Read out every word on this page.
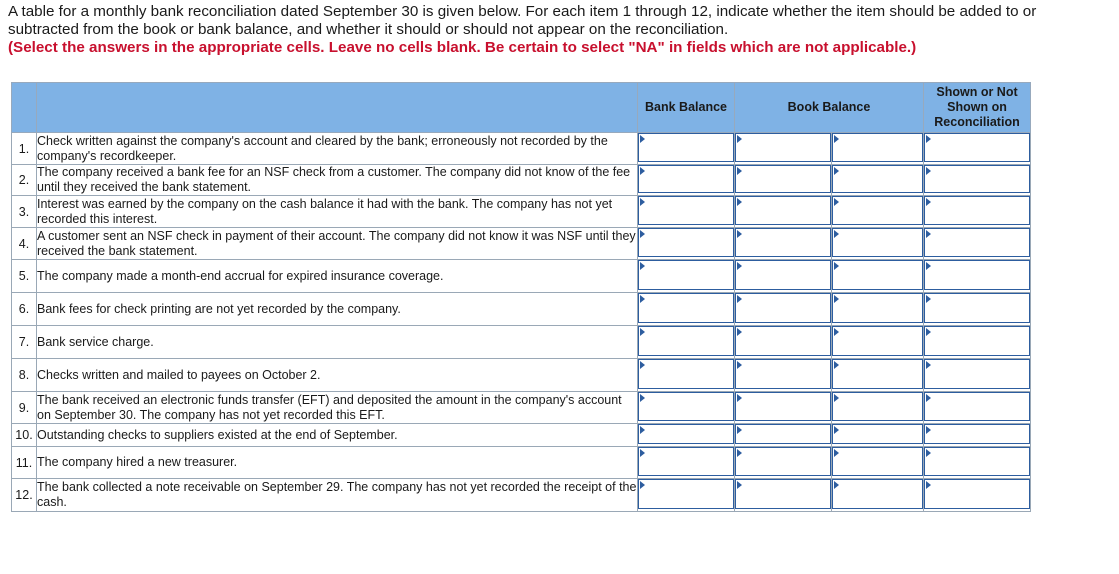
A table for a monthly bank reconciliation dated September 30 is given below. For each item 1 through 12, indicate whether the item should be added to or subtracted from the book or bank balance, and whether it should or should not appear on the reconciliation.
(Select the answers in the appropriate cells. Leave no cells blank. Be certain to select "NA" in fields which are not applicable.)
		Bank Balance	Book Balance		Shown or Not
Shown on
Reconciliation

1.	Check written against the company's account and cleared by the bank; erroneously not recorded by the company's recordkeeper.	

2.	The company received a bank fee for an NSF check from a customer. The company did not know of the fee until they received the bank statement.	

3.	Interest was earned by the company on the cash balance it had with the bank. The company has not yet recorded this interest.	

4.	A customer sent an NSF check in payment of their account. The company did not know it was NSF until they received the bank statement.	

5.	The company made a month-end accrual for expired insurance coverage.	

6.	Bank fees for check printing are not yet recorded by the company.	

7.	Bank service charge.	

8.	Checks written and mailed to payees on October 2.	

9.	The bank received an electronic funds transfer (EFT) and deposited the amount in the company's account on September 30. The company has not yet recorded this EFT.	

10.	Outstanding checks to suppliers existed at the end of September.	

11.	The company hired a new treasurer.	

12.	The bank collected a note receivable on September 29. The company has not yet recorded the receipt of the cash.	
